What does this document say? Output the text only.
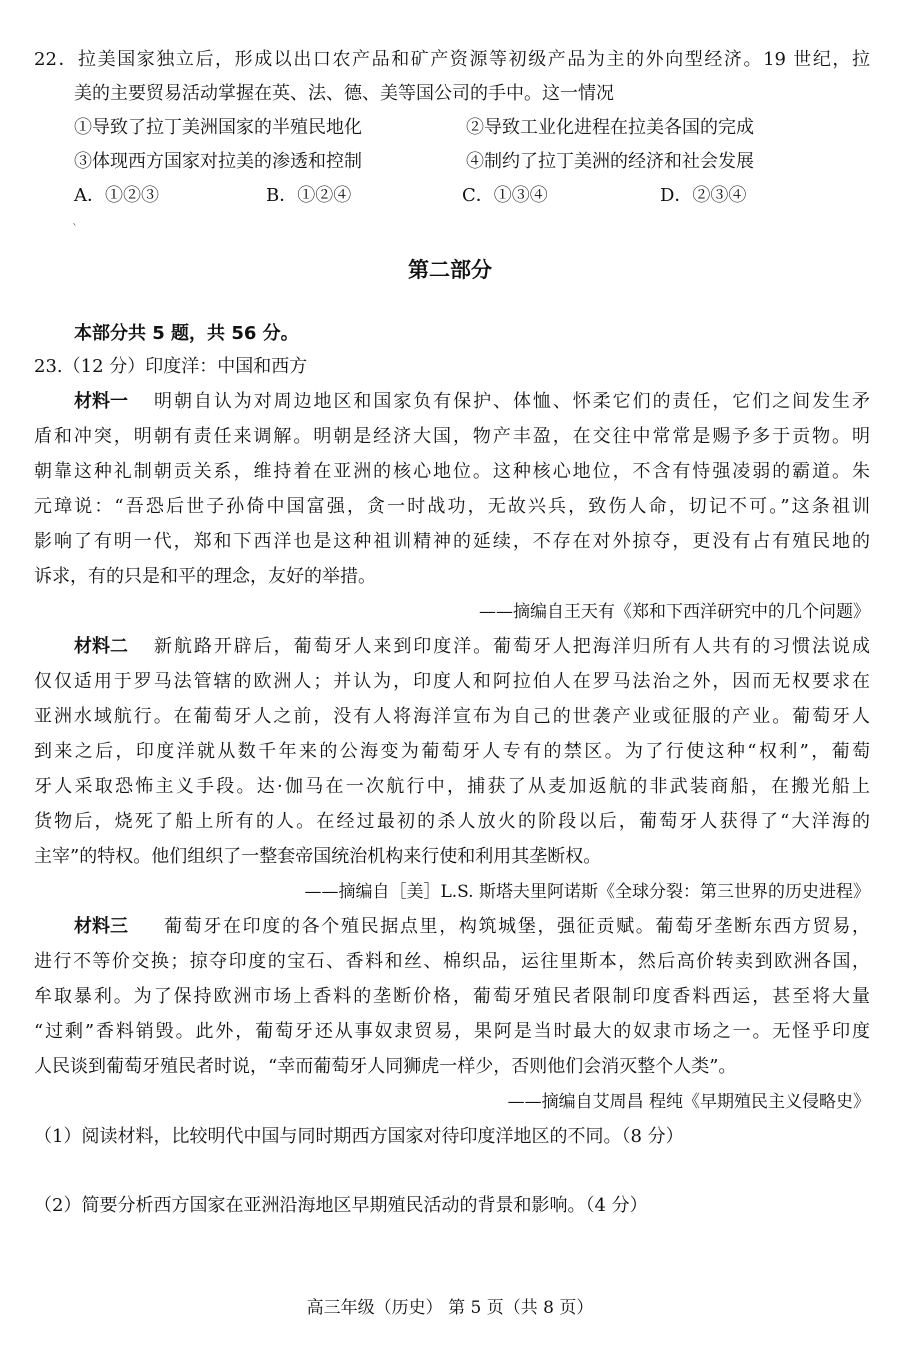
22．拉美国家独立后，形成以出口农产品和矿产资源等初级产品为主的外向型经济。19 世纪，拉
美的主要贸易活动掌握在英、法、德、美等国公司的手中。这一情况
①导致了拉丁美洲国家的半殖民地化	②导致工业化进程在拉美各国的完成
③体现西方国家对拉美的渗透和控制	④制约了拉丁美洲的经济和社会发展
A．①②③	B．①②④	C．①③④	D．②③④
`
第二部分
本部分共 5 题，共 56 分。
23.（12 分）印度洋：中国和西方
材料一 明朝自认为对周边地区和国家负有保护、体恤、怀柔它们的责任，它们之间发生矛
盾和冲突，明朝有责任来调解。明朝是经济大国，物产丰盈，在交往中常常是赐予多于贡物。明
朝靠这种礼制朝贡关系，维持着在亚洲的核心地位。这种核心地位，不含有恃强凌弱的霸道。朱
元璋说：“吾恐后世子孙倚中国富强，贪一时战功，无故兴兵，致伤人命，切记不可。”这条祖训
影响了有明一代，郑和下西洋也是这种祖训精神的延续，不存在对外掠夺，更没有占有殖民地的
诉求，有的只是和平的理念，友好的举措。
——摘编自王天有《郑和下西洋研究中的几个问题》
材料二 新航路开辟后，葡萄牙人来到印度洋。葡萄牙人把海洋归所有人共有的习惯法说成
仅仅适用于罗马法管辖的欧洲人；并认为，印度人和阿拉伯人在罗马法治之外，因而无权要求在
亚洲水域航行。在葡萄牙人之前，没有人将海洋宣布为自己的世袭产业或征服的产业。葡萄牙人
到来之后，印度洋就从数千年来的公海变为葡萄牙人专有的禁区。为了行使这种“权利”，葡萄
牙人采取恐怖主义手段。达·伽马在一次航行中，捕获了从麦加返航的非武装商船，在搬光船上
货物后，烧死了船上所有的人。在经过最初的杀人放火的阶段以后，葡萄牙人获得了“大洋海的
主宰”的特权。他们组织了一整套帝国统治机构来行使和利用其垄断权。
——摘编自［美］L.S. 斯塔夫里阿诺斯《全球分裂：第三世界的历史进程》
材料三 葡萄牙在印度的各个殖民据点里，构筑城堡，强征贡赋。葡萄牙垄断东西方贸易，
进行不等价交换；掠夺印度的宝石、香料和丝、棉织品，运往里斯本，然后高价转卖到欧洲各国，
牟取暴利。为了保持欧洲市场上香料的垄断价格，葡萄牙殖民者限制印度香料西运，甚至将大量
“过剩”香料销毁。此外，葡萄牙还从事奴隶贸易，果阿是当时最大的奴隶市场之一。无怪乎印度
人民谈到葡萄牙殖民者时说，“幸而葡萄牙人同狮虎一样少，否则他们会消灭整个人类”。
——摘编自艾周昌 程纯《早期殖民主义侵略史》
（1）阅读材料，比较明代中国与同时期西方国家对待印度洋地区的不同。（8 分）
（2）简要分析西方国家在亚洲沿海地区早期殖民活动的背景和影响。（4 分）
高三年级（历史） 第 5 页（共 8 页）
